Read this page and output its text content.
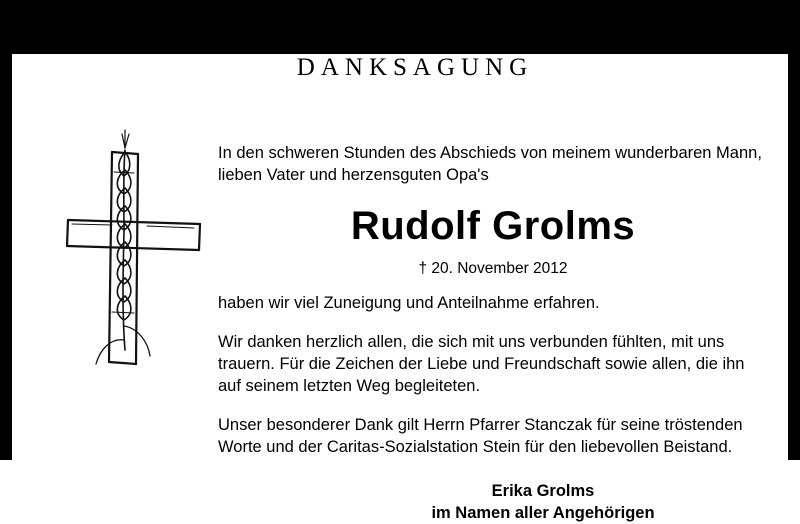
DANKSAGUNG

In den schweren Stunden des Abschieds von meinem wunderbaren Mann, lieben Vater und herzensguten Opa's

Rudolf Grolms
† 20. November 2012

haben wir viel Zuneigung und Anteilnahme erfahren.

Wir danken herzlich allen, die sich mit uns verbunden fühlten, mit uns trauern. Für die Zeichen der Liebe und Freundschaft sowie allen, die ihn auf seinem letzten Weg begleiteten.

Unser besonderer Dank gilt Herrn Pfarrer Stanczak für seine tröstenden Worte und der Caritas-Sozialstation Stein für den liebevollen Beistand.

Erika Grolms
im Namen aller Angehörigen
